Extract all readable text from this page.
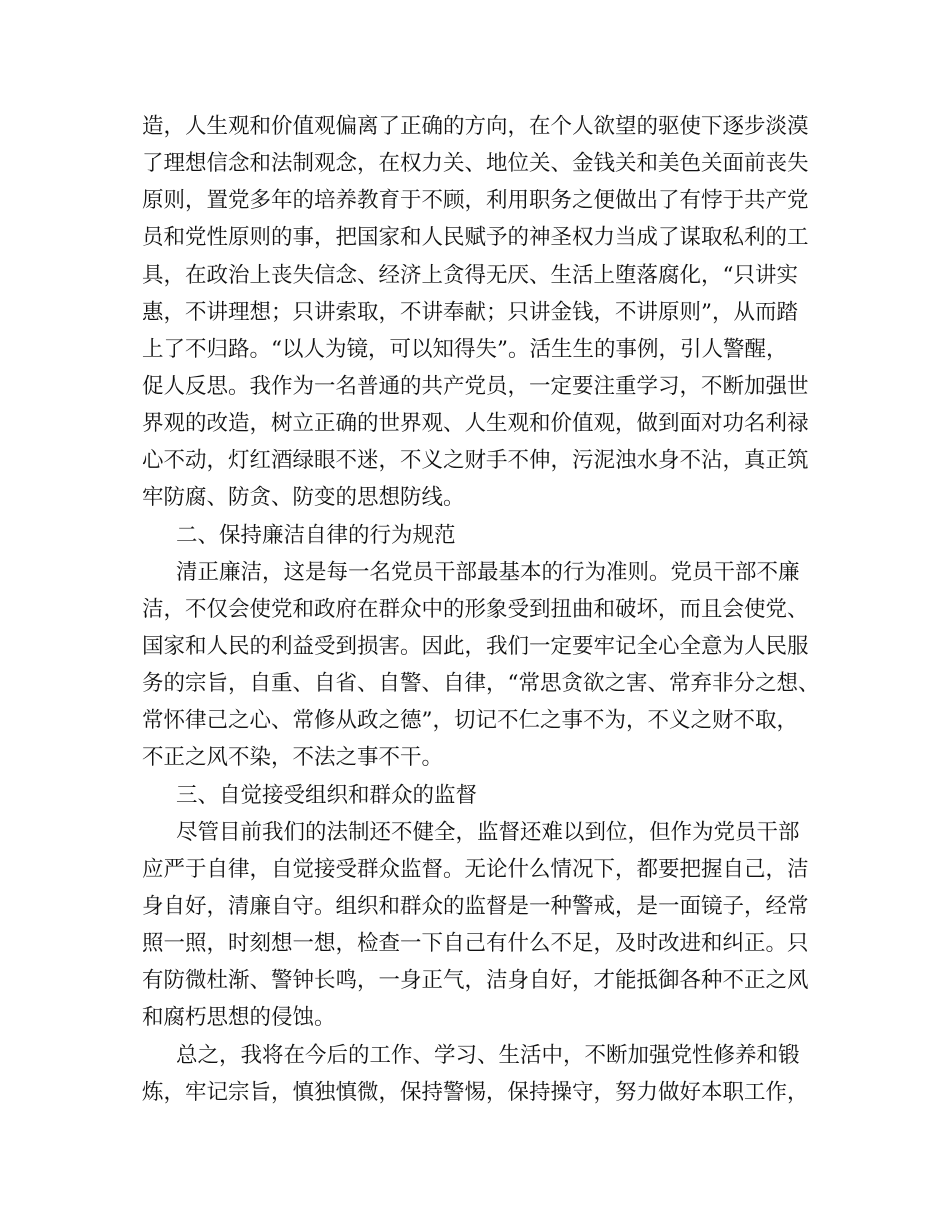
造，人生观和价值观偏离了正确的方向，在个人欲望的驱使下逐步淡漠
了理想信念和法制观念，在权力关、地位关、金钱关和美色关面前丧失
原则，置党多年的培养教育于不顾，利用职务之便做出了有悖于共产党
员和党性原则的事，把国家和人民赋予的神圣权力当成了谋取私利的工
具，在政治上丧失信念、经济上贪得无厌、生活上堕落腐化，“只讲实
惠，不讲理想；只讲索取，不讲奉献；只讲金钱，不讲原则”，从而踏
上了不归路。“以人为镜，可以知得失”。活生生的事例，引人警醒，
促人反思。我作为一名普通的共产党员，一定要注重学习，不断加强世
界观的改造，树立正确的世界观、人生观和价值观，做到面对功名利禄
心不动，灯红酒绿眼不迷，不义之财手不伸，污泥浊水身不沾，真正筑
牢防腐、防贪、防变的思想防线。
二、保持廉洁自律的行为规范
清正廉洁，这是每一名党员干部最基本的行为准则。党员干部不廉
洁，不仅会使党和政府在群众中的形象受到扭曲和破坏，而且会使党、
国家和人民的利益受到损害。因此，我们一定要牢记全心全意为人民服
务的宗旨，自重、自省、自警、自律，“常思贪欲之害、常弃非分之想、
常怀律己之心、常修从政之德”，切记不仁之事不为，不义之财不取，
不正之风不染，不法之事不干。
三、自觉接受组织和群众的监督
尽管目前我们的法制还不健全，监督还难以到位，但作为党员干部
应严于自律，自觉接受群众监督。无论什么情况下，都要把握自己，洁
身自好，清廉自守。组织和群众的监督是一种警戒，是一面镜子，经常
照一照，时刻想一想，检查一下自己有什么不足，及时改进和纠正。只
有防微杜渐、警钟长鸣，一身正气，洁身自好，才能抵御各种不正之风
和腐朽思想的侵蚀。
总之，我将在今后的工作、学习、生活中，不断加强党性修养和锻
炼，牢记宗旨，慎独慎微，保持警惕，保持操守，努力做好本职工作，
